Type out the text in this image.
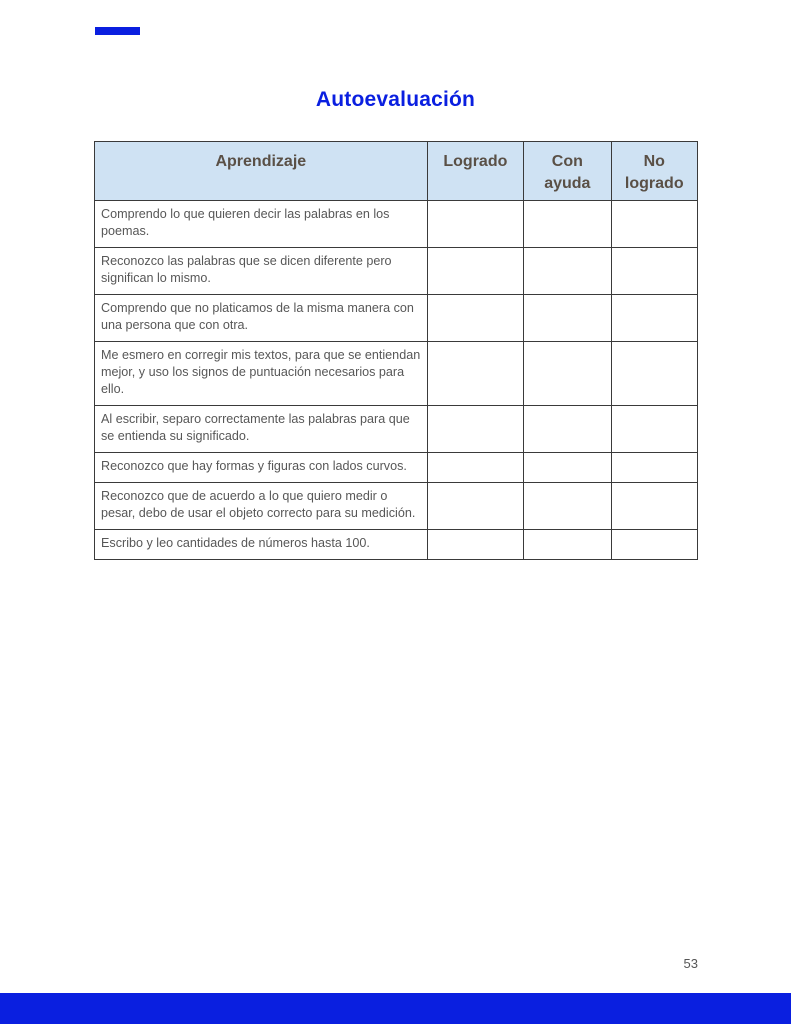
Autoevaluación
Aprendizaje	Logrado	Con ayuda	No logrado
Comprendo lo que quieren decir las palabras en los poemas.			
Reconozco las palabras que se dicen diferente pero significan lo mismo.			
Comprendo que no platicamos de la misma manera con una persona que con otra.			
Me esmero en corregir mis textos, para que se entiendan mejor, y uso los signos de puntuación necesarios para ello.			
Al escribir, separo correctamente las palabras para que se entienda su significado.			
Reconozco que hay formas y figuras con lados curvos.			
Reconozco que de acuerdo a lo que quiero medir o pesar, debo de usar el objeto correcto para su medición.			
Escribo y leo cantidades de números hasta 100.			
53
